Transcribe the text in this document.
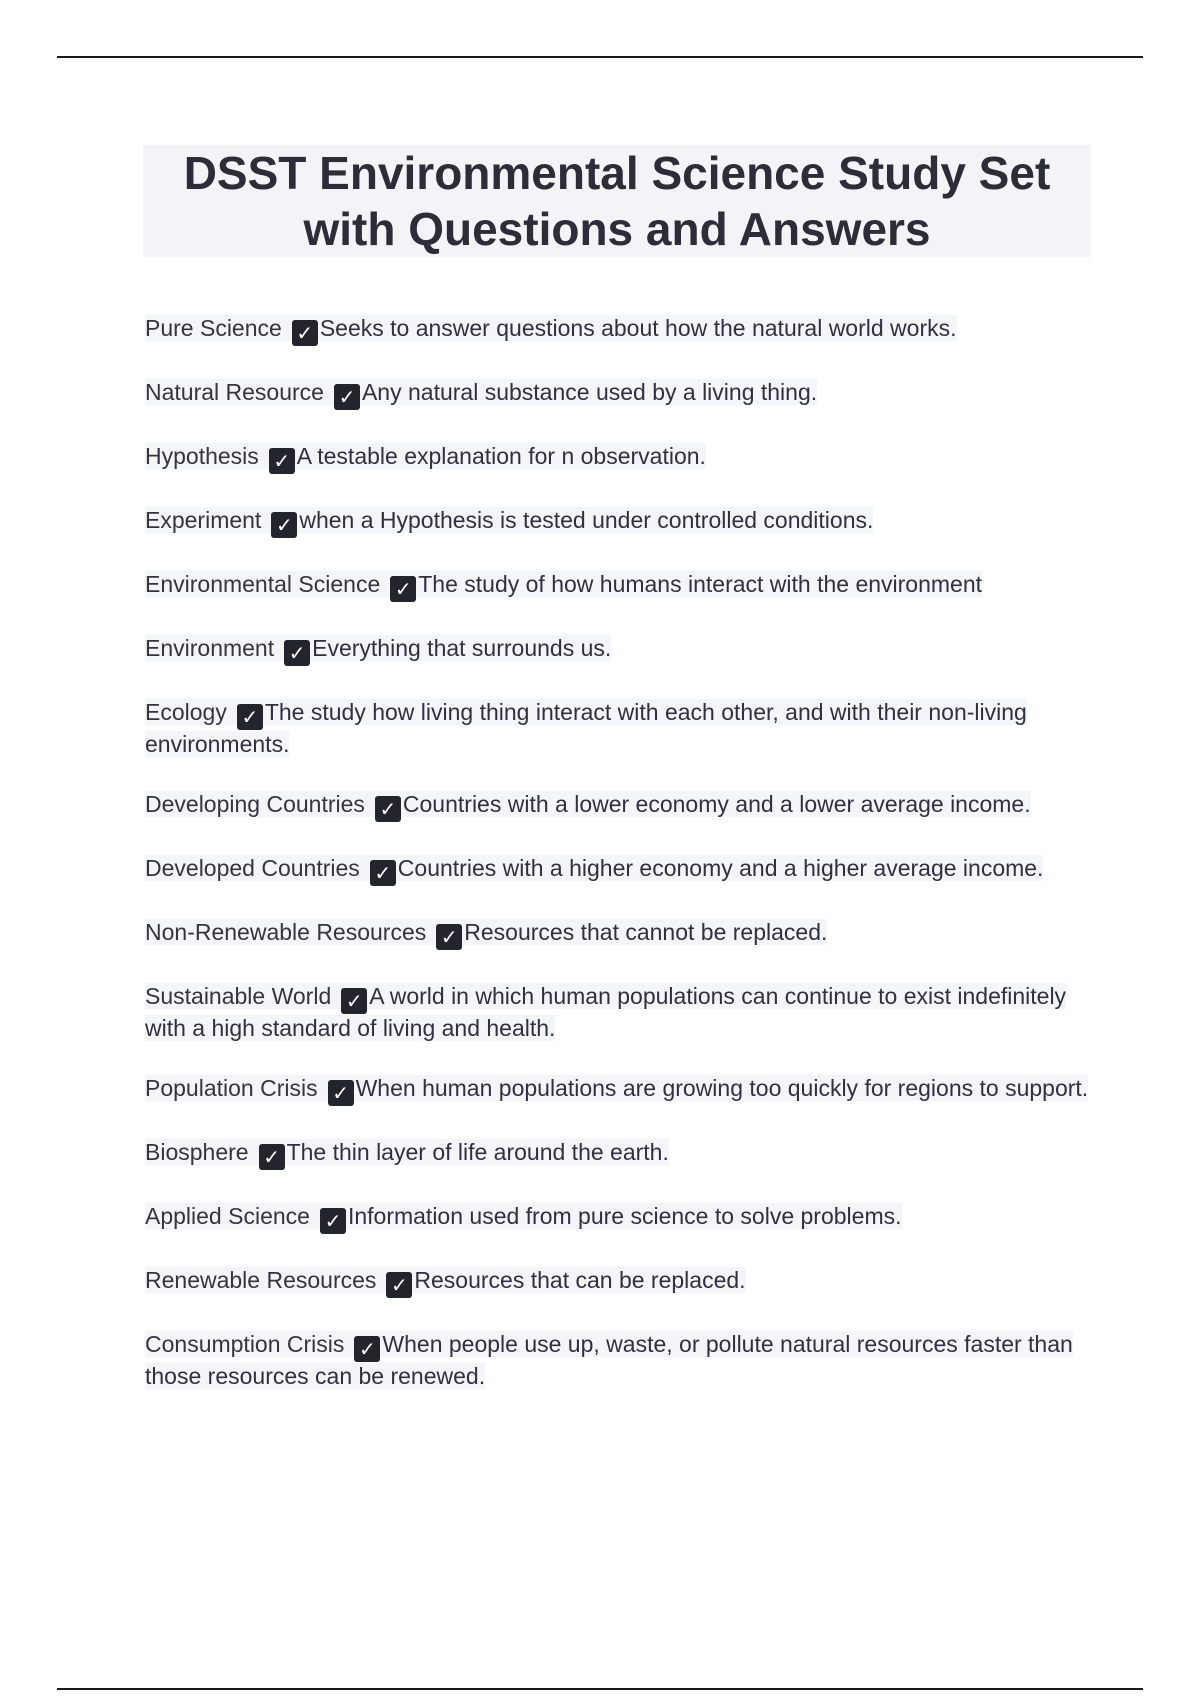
DSST Environmental Science Study Set
with Questions and Answers
Pure Science ✓ Seeks to answer questions about how the natural world works.
Natural Resource ✓ Any natural substance used by a living thing.
Hypothesis ✓ A testable explanation for n observation.
Experiment ✓ when a Hypothesis is tested under controlled conditions.
Environmental Science ✓ The study of how humans interact with the environment
Environment ✓ Everything that surrounds us.
Ecology ✓ The study how living thing interact with each other, and with their non-living environments.
Developing Countries ✓ Countries with a lower economy and a lower average income.
Developed Countries ✓ Countries with a higher economy and a higher average income.
Non-Renewable Resources ✓ Resources that cannot be replaced.
Sustainable World ✓ A world in which human populations can continue to exist indefinitely with a high standard of living and health.
Population Crisis ✓ When human populations are growing too quickly for regions to support.
Biosphere ✓ The thin layer of life around the earth.
Applied Science ✓ Information used from pure science to solve problems.
Renewable Resources ✓ Resources that can be replaced.
Consumption Crisis ✓ When people use up, waste, or pollute natural resources faster than those resources can be renewed.
